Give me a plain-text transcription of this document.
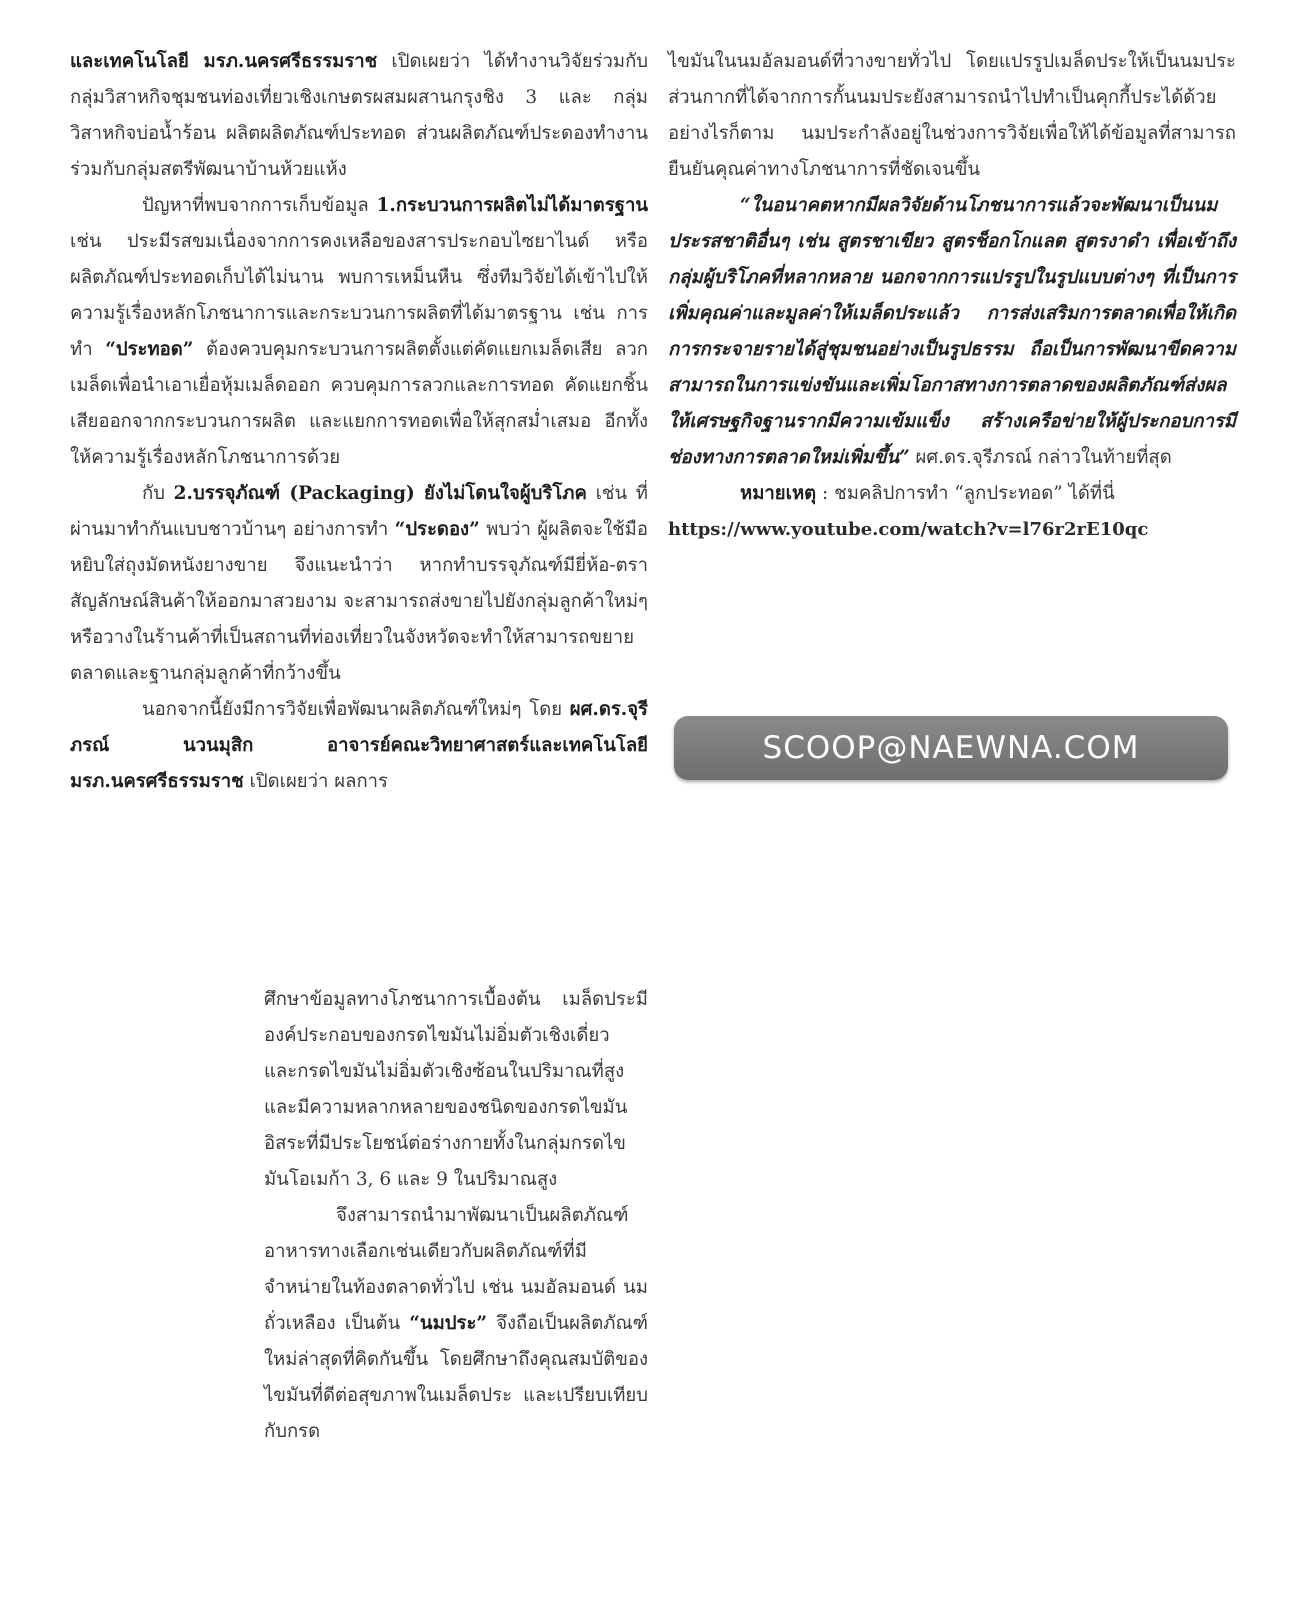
และเทคโนโลยี มรภ.นครศรีธรรมราช เปิดเผยว่า ได้ทำงานวิจัยร่วมกับ กลุ่มวิสาหกิจชุมชนท่องเที่ยวเชิงเกษตรผสมผสานกรุงชิง 3 และ กลุ่มวิสาหกิจบ่อน้ำร้อน ผลิตผลิตภัณฑ์ประทอด ส่วนผลิตภัณฑ์ประดองทำงานร่วมกับกลุ่มสตรีพัฒนาบ้านห้วยแห้ง

ปัญหาที่พบจากการเก็บข้อมูล 1.กระบวนการผลิตไม่ได้มาตรฐาน เช่น ประมีรสขมเนื่องจากการคงเหลือของสารประกอบไซยาไนด์ หรือผลิตภัณฑ์ประทอดเก็บได้ไม่นาน พบการเหม็นหืน ซึ่งทีมวิจัยได้เข้าไปให้ความรู้เรื่องหลักโภชนาการและกระบวนการผลิตที่ได้มาตรฐาน เช่น การทำ “ประทอด” ต้องควบคุมกระบวนการผลิตตั้งแต่คัดแยกเมล็ดเสีย ลวกเมล็ดเพื่อนำเอาเยื่อหุ้มเมล็ดออก ควบคุมการลวกและการทอด คัดแยกชิ้นเสียออกจากกระบวนการผลิต และแยกการทอดเพื่อให้สุกสม่ำเสมอ อีกทั้งให้ความรู้เรื่องหลักโภชนาการด้วย

กับ 2.บรรจุภัณฑ์ (Packaging) ยังไม่โดนใจผู้บริโภค เช่น ที่ผ่านมาทำกันแบบชาวบ้านๆ อย่างการทำ “ประดอง” พบว่า ผู้ผลิตจะใช้มือหยิบใส่ถุงมัดหนังยางขาย จึงแนะนำว่า หากทำบรรจุภัณฑ์มียี่ห้อ-ตราสัญลักษณ์สินค้าให้ออกมาสวยงาม จะสามารถส่งขายไปยังกลุ่มลูกค้าใหม่ๆ หรือวางในร้านค้าที่เป็นสถานที่ท่องเที่ยวในจังหวัดจะทำให้สามารถขยายตลาดและฐานกลุ่มลูกค้าที่กว้างขึ้น

นอกจากนี้ยังมีการวิจัยเพื่อพัฒนาผลิตภัณฑ์ใหม่ๆ โดย ผศ.ดร.จุรีภรณ์ นวนมุสิก อาจารย์คณะวิทยาศาสตร์และเทคโนโลยี มรภ.นครศรีธรรมราช เปิดเผยว่า ผลการ

ศึกษาข้อมูลทางโภชนาการเบื้องต้น เมล็ดประมีองค์ประกอบของกรดไขมันไม่อิ่มตัวเชิงเดี่ยว และกรดไขมันไม่อิ่มตัวเชิงซ้อนในปริมาณที่สูงและมีความหลากหลายของชนิดของกรดไขมันอิสระที่มีประโยชน์ต่อร่างกายทั้งในกลุ่มกรดไขมันโอเมก้า 3, 6 และ 9 ในปริมาณสูง

จึงสามารถนำมาพัฒนาเป็นผลิตภัณฑ์อาหารทางเลือกเช่นเดียวกับผลิตภัณฑ์ที่มีจำหน่ายในท้องตลาดทั่วไป เช่น นมอัลมอนด์ นมถั่วเหลือง เป็นต้น “นมประ” จึงถือเป็นผลิตภัณฑ์ใหม่ล่าสุดที่คิดกันขึ้น โดยศึกษาถึงคุณสมบัติของไขมันที่ดีต่อสุขภาพในเมล็ดประ และเปรียบเทียบกับกรด

ไขมันในนมอัลมอนด์ที่วางขายทั่วไป โดยแปรรูปเมล็ดประให้เป็นนมประ ส่วนกากที่ได้จากการกั้นนมประยังสามารถนำไปทำเป็นคุกกี้ประได้ด้วย อย่างไรก็ตาม นมประกำลังอยู่ในช่วงการวิจัยเพื่อให้ได้ข้อมูลที่สามารถยืนยันคุณค่าทางโภชนาการที่ชัดเจนขึ้น

“ในอนาคตหากมีผลวิจัยด้านโภชนาการแล้วจะพัฒนาเป็นนมประรสชาติอื่นๆ เช่น สูตรชาเขียว สูตรช็อกโกแลต สูตรงาดำ เพื่อเข้าถึงกลุ่มผู้บริโภคที่หลากหลาย นอกจากการแปรรูปในรูปแบบต่างๆ ที่เป็นการเพิ่มคุณค่าและมูลค่าให้เมล็ดประแล้ว การส่งเสริมการตลาดเพื่อให้เกิดการกระจายรายได้สู่ชุมชนอย่างเป็นรูปธรรม ถือเป็นการพัฒนาขีดความสามารถในการแข่งขันและเพิ่มโอกาสทางการตลาดของผลิตภัณฑ์ส่งผลให้เศรษฐกิจฐานรากมีความเข้มแข็ง สร้างเครือข่ายให้ผู้ประกอบการมีช่องทางการตลาดใหม่เพิ่มขึ้น” ผศ.ดร.จุรีภรณ์ กล่าวในท้ายที่สุด

หมายเหตุ : ชมคลิปการทำ “ลูกประทอด” ได้ที่นี่

https://www.youtube.com/watch?v=l76r2rE10qc

SCOOP@NAEWNA.COM
